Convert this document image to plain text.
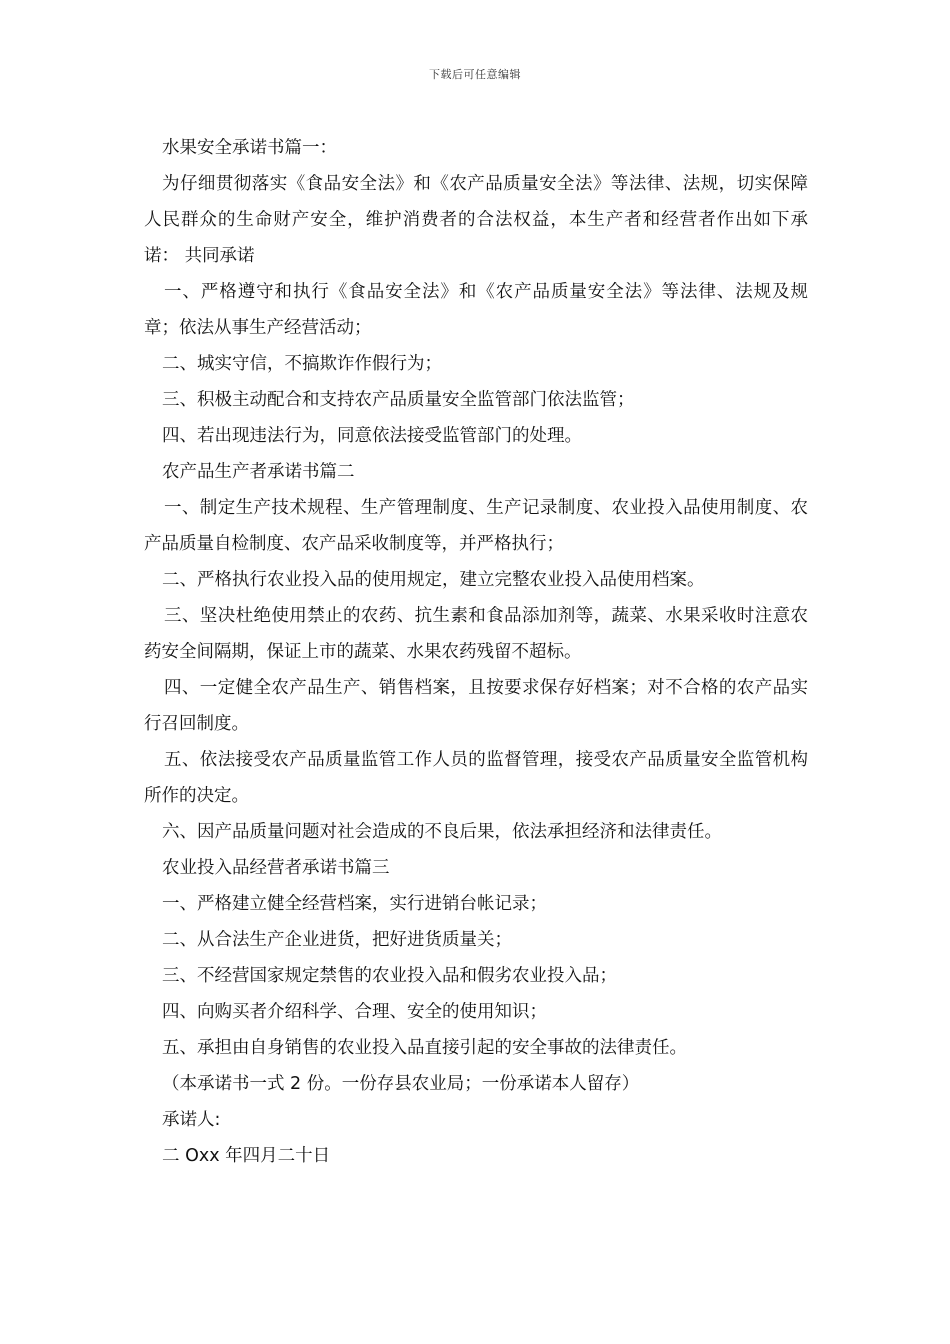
下载后可任意编辑

水果安全承诺书篇一：

为仔细贯彻落实《食品安全法》和《农产品质量安全法》等法律、法规，切实保障人民群众的生命财产安全，维护消费者的合法权益，本生产者和经营者作出如下承诺： 共同承诺

一、严格遵守和执行《食品安全法》和《农产品质量安全法》等法律、法规及规章；依法从事生产经营活动；

二、城实守信，不搞欺诈作假行为；

三、积极主动配合和支持农产品质量安全监管部门依法监管；

四、若出现违法行为，同意依法接受监管部门的处理。

农产品生产者承诺书篇二

一、制定生产技术规程、生产管理制度、生产记录制度、农业投入品使用制度、农产品质量自检制度、农产品采收制度等，并严格执行；

二、严格执行农业投入品的使用规定，建立完整农业投入品使用档案。

三、坚决杜绝使用禁止的农药、抗生素和食品添加剂等，蔬菜、水果采收时注意农药安全间隔期，保证上市的蔬菜、水果农药残留不超标。

四、一定健全农产品生产、销售档案，且按要求保存好档案；对不合格的农产品实行召回制度。

五、依法接受农产品质量监管工作人员的监督管理，接受农产品质量安全监管机构所作的决定。

六、因产品质量问题对社会造成的不良后果，依法承担经济和法律责任。

农业投入品经营者承诺书篇三

一、严格建立健全经营档案，实行进销台帐记录；

二、从合法生产企业进货，把好进货质量关；

三、不经营国家规定禁售的农业投入品和假劣农业投入品；

四、向购买者介绍科学、合理、安全的使用知识；

五、承担由自身销售的农业投入品直接引起的安全事故的法律责任。

（本承诺书一式 2 份。一份存县农业局；一份承诺本人留存）

承诺人:

二 Oxx 年四月二十日
